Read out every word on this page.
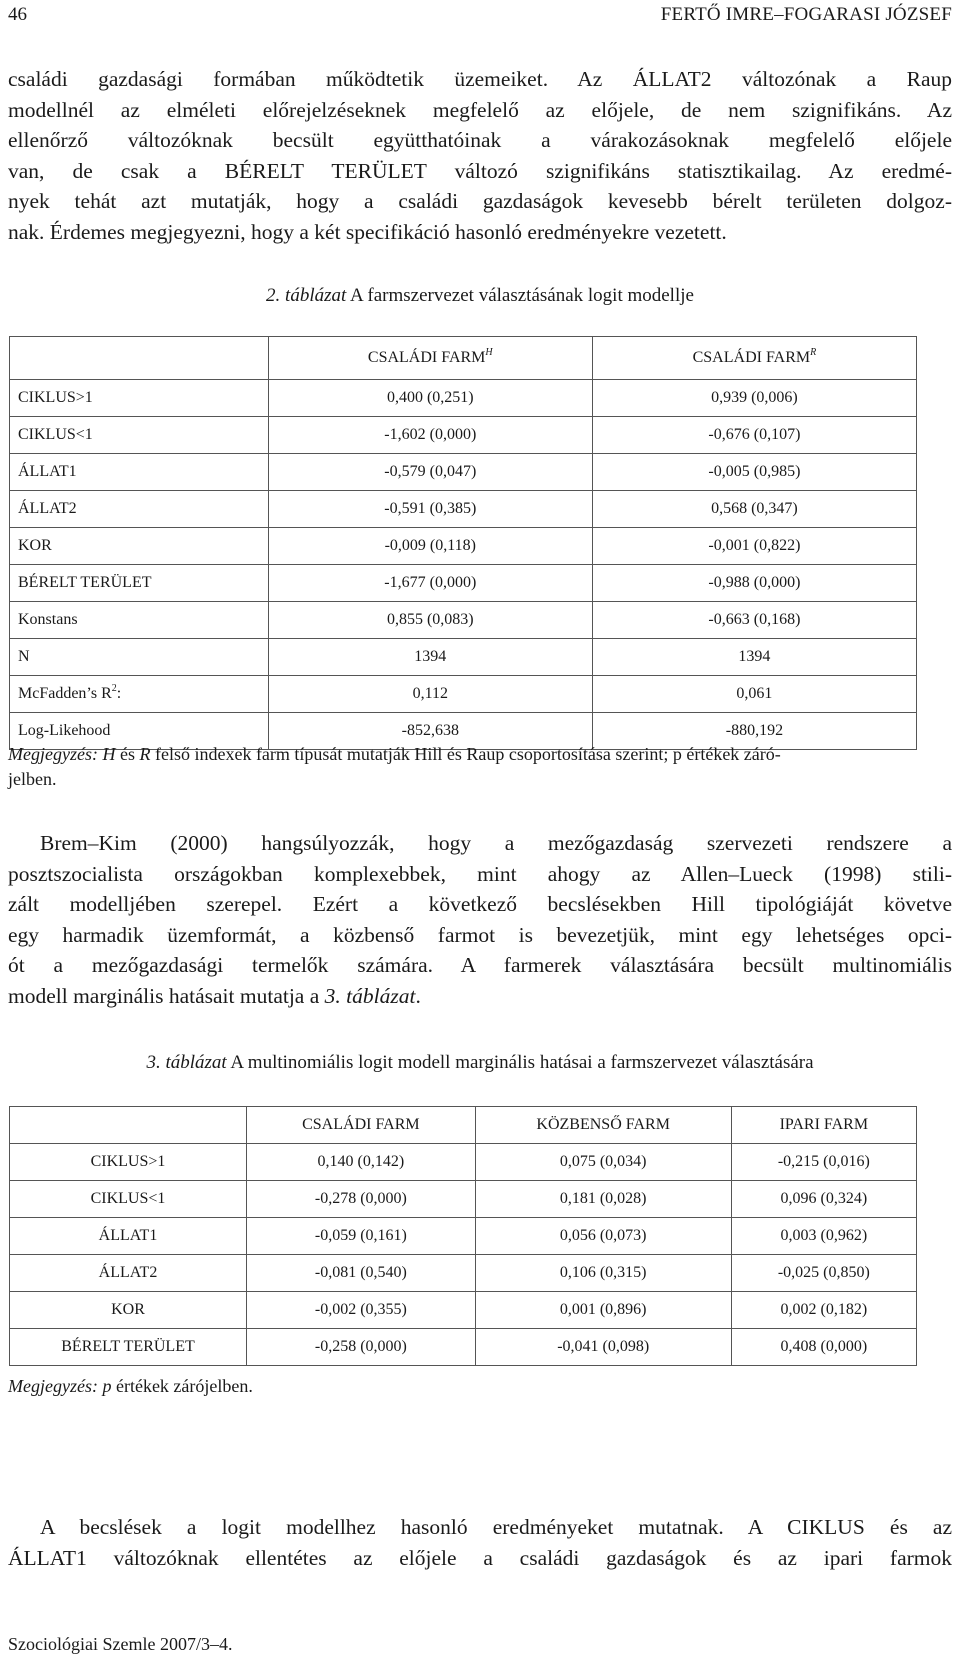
46	FERTŐ IMRE–FOGARASI JÓZSEF
családi gazdasági formában működtetik üzemeiket. Az ÁLLAT2 változónak a Raup
modellnél az elméleti előrejelzéseknek megfelelő az előjele, de nem szignifikáns. Az
ellenőrző változóknak becsült együtthatóinak a várakozásoknak megfelelő előjele
van, de csak a BÉRELT TERÜLET változó szignifikáns statisztikailag. Az eredmé-
nyek tehát azt mutatják, hogy a családi gazdaságok kevesebb bérelt területen dolgoz-
nak. Érdemes megjegyezni, hogy a két specifikáció hasonló eredményekre vezetett.
2. táblázat A farmszervezet választásának logit modellje
	CSALÁDI $FARM^H$	CSALÁDI $FARM^R$
CIKLUS>1	0,400 (0,251)	0,939 (0,006)
CIKLUS<1	-1,602 (0,000)	-0,676 (0,107)
ÁLLAT1	-0,579 (0,047)	-0,005 (0,985)
ÁLLAT2	-0,591 (0,385)	0,568 (0,347)
KOR	-0,009 (0,118)	-0,001 (0,822)
BÉRELT TERÜLET	-1,677 (0,000)	-0,988 (0,000)
Konstans	0,855 (0,083)	-0,663 (0,168)
N	1394	1394
McFadden’s $R^2$:	0,112	0,061
Log-Likehood	-852,638	-880,192
Megjegyzés: H és R felső indexek farm típusát mutatják Hill és Raup csoportosítása szerint; p értékek záró-
jelben.
Brem–Kim (2000) hangsúlyozzák, hogy a mezőgazdaság szervezeti rendszere a
posztszocialista országokban komplexebbek, mint ahogy az Allen–Lueck (1998) stili-
zált modelljében szerepel. Ezért a következő becslésekben Hill tipológiáját követve
egy harmadik üzemformát, a közbenső farmot is bevezetjük, mint egy lehetséges opci-
ót a mezőgazdasági termelők számára. A farmerek választására becsült multinomiális
modell marginális hatásait mutatja a 3. táblázat.
3. táblázat A multinomiális logit modell marginális hatásai a farmszervezet választására
	CSALÁDI FARM	KÖZBENSŐ FARM	IPARI FARM
CIKLUS>1	0,140 (0,142)	0,075 (0,034)	-0,215 (0,016)
CIKLUS<1	-0,278 (0,000)	0,181 (0,028)	0,096 (0,324)
ÁLLAT1	-0,059 (0,161)	0,056 (0,073)	0,003 (0,962)
ÁLLAT2	-0,081 (0,540)	0,106 (0,315)	-0,025 (0,850)
KOR	-0,002 (0,355)	0,001 (0,896)	0,002 (0,182)
BÉRELT TERÜLET	-0,258 (0,000)	-0,041 (0,098)	0,408 (0,000)
Megjegyzés: p értékek zárójelben.
A becslések a logit modellhez hasonló eredményeket mutatnak. A CIKLUS és az
ÁLLAT1 változóknak ellentétes az előjele a családi gazdaságok és az ipari farmok
Szociológiai Szemle 2007/3–4.
